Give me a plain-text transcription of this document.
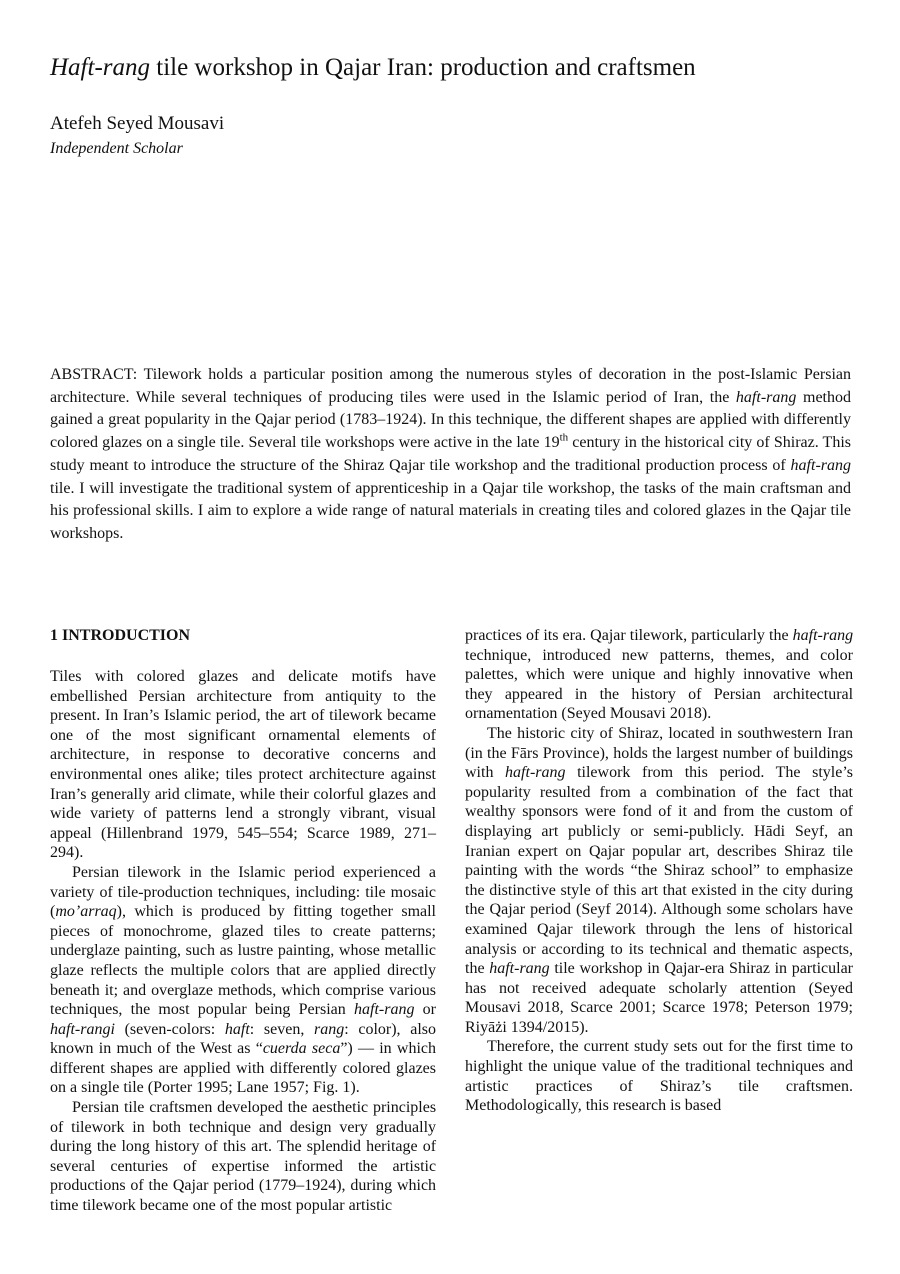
Haft-rang tile workshop in Qajar Iran: production and craftsmen
Atefeh Seyed Mousavi
Independent Scholar
ABSTRACT: Tilework holds a particular position among the numerous styles of decoration in the post-Islamic Persian architecture. While several techniques of producing tiles were used in the Islamic period of Iran, the haft-rang method gained a great popularity in the Qajar period (1783–1924). In this technique, the different shapes are applied with differently colored glazes on a single tile. Several tile workshops were active in the late 19th century in the historical city of Shiraz. This study meant to introduce the structure of the Shiraz Qajar tile workshop and the traditional production process of haft-rang tile. I will investigate the traditional system of apprenticeship in a Qajar tile workshop, the tasks of the main craftsman and his professional skills. I aim to explore a wide range of natural materials in creating tiles and colored glazes in the Qajar tile workshops.
1 INTRODUCTION

Tiles with colored glazes and delicate motifs have embellished Persian architecture from antiquity to the present. In Iran’s Islamic period, the art of tilework became one of the most significant ornamental elements of architecture, in response to decorative concerns and environmental ones alike; tiles protect architecture against Iran’s generally arid climate, while their colorful glazes and wide variety of patterns lend a strongly vibrant, visual appeal (Hillenbrand 1979, 545–554; Scarce 1989, 271–294).

Persian tilework in the Islamic period experienced a variety of tile-production techniques, including: tile mosaic (mo’arraq), which is produced by fitting together small pieces of monochrome, glazed tiles to create patterns; underglaze painting, such as lustre painting, whose metallic glaze reflects the multiple colors that are applied directly beneath it; and overglaze methods, which comprise various techniques, the most popular being Persian haft-rang or haft-rangi (seven-colors: haft: seven, rang: color), also known in much of the West as “cuerda seca”) — in which different shapes are applied with differently colored glazes on a single tile (Porter 1995; Lane 1957; Fig. 1).

Persian tile craftsmen developed the aesthetic principles of tilework in both technique and design very gradually during the long history of this art. The splendid heritage of several centuries of expertise informed the artistic productions of the Qajar period (1779–1924), during which time tilework became one of the most popular artistic

practices of its era. Qajar tilework, particularly the haft-rang technique, introduced new patterns, themes, and color palettes, which were unique and highly innovative when they appeared in the history of Persian architectural ornamentation (Seyed Mousavi 2018).

The historic city of Shiraz, located in southwestern Iran (in the Fārs Province), holds the largest number of buildings with haft-rang tilework from this period. The style’s popularity resulted from a combination of the fact that wealthy sponsors were fond of it and from the custom of displaying art publicly or semi-publicly. Hādi Seyf, an Iranian expert on Qajar popular art, describes Shiraz tile painting with the words “the Shiraz school” to emphasize the distinctive style of this art that existed in the city during the Qajar period (Seyf 2014). Although some scholars have examined Qajar tilework through the lens of historical analysis or according to its technical and thematic aspects, the haft-rang tile workshop in Qajar-era Shiraz in particular has not received adequate scholarly attention (Seyed Mousavi 2018, Scarce 2001; Scarce 1978; Peterson 1979; Riyāżi 1394/2015).

Therefore, the current study sets out for the first time to highlight the unique value of the traditional techniques and artistic practices of Shiraz’s tile craftsmen. Methodologically, this research is based
